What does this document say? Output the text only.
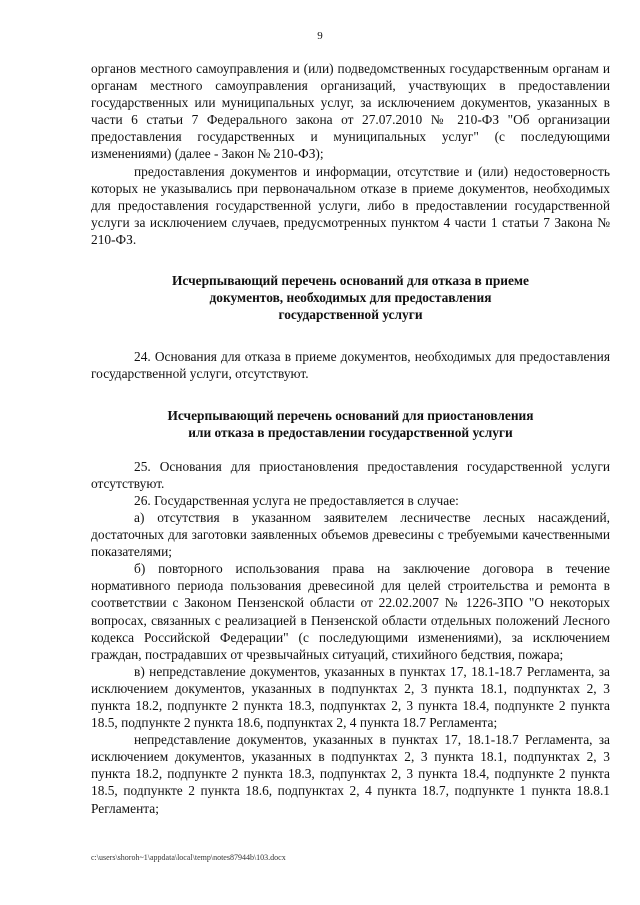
9

органов местного самоуправления и (или) подведомственных государственным органам и органам местного самоуправления организаций, участвующих в предоставлении государственных или муниципальных услуг, за исключением документов, указанных в части 6 статьи 7 Федерального закона от 27.07.2010 № 210-ФЗ "Об организации предоставления государственных и муниципальных услуг" (с последующими изменениями) (далее - Закон № 210-ФЗ);

предоставления документов и информации, отсутствие и (или) недостоверность которых не указывались при первоначальном отказе в приеме документов, необходимых для предоставления государственной услуги, либо в предоставлении государственной услуги за исключением случаев, предусмотренных пунктом 4 части 1 статьи 7 Закона № 210-ФЗ.

Исчерпывающий перечень оснований для отказа в приеме
документов, необходимых для предоставления
государственной услуги

24. Основания для отказа в приеме документов, необходимых для предоставления государственной услуги, отсутствуют.

Исчерпывающий перечень оснований для приостановления
или отказа в предоставлении государственной услуги

25. Основания для приостановления предоставления государственной услуги отсутствуют.

26. Государственная услуга не предоставляется в случае:

а) отсутствия в указанном заявителем лесничестве лесных насаждений, достаточных для заготовки заявленных объемов древесины с требуемыми качественными показателями;

б) повторного использования права на заключение договора в течение нормативного периода пользования древесиной для целей строительства и ремонта в соответствии с Законом Пензенской области от 22.02.2007 № 1226-ЗПО "О некоторых вопросах, связанных с реализацией в Пензенской области отдельных положений Лесного кодекса Российской Федерации" (с последующими изменениями), за исключением граждан, пострадавших от чрезвычайных ситуаций, стихийного бедствия, пожара;

в) непредставление документов, указанных в пунктах 17, 18.1-18.7 Регламента, за исключением документов, указанных в подпунктах 2, 3 пункта 18.1, подпунктах 2, 3 пункта 18.2, подпункте 2 пункта 18.3, подпунктах 2, 3 пункта 18.4, подпункте 2 пункта 18.5, подпункте 2 пункта 18.6, подпунктах 2, 4 пункта 18.7 Регламента;

непредставление документов, указанных в пунктах 17, 18.1-18.7 Регламента, за исключением документов, указанных в подпунктах 2, 3 пункта 18.1, подпунктах 2, 3 пункта 18.2, подпункте 2 пункта 18.3, подпунктах 2, 3 пункта 18.4, подпункте 2 пункта 18.5, подпункте 2 пункта 18.6, подпунктах 2, 4 пункта 18.7, подпункте 1 пункта 18.8.1 Регламента;

c:\users\shoroh~1\appdata\local\temp\notes87944b\103.docx
